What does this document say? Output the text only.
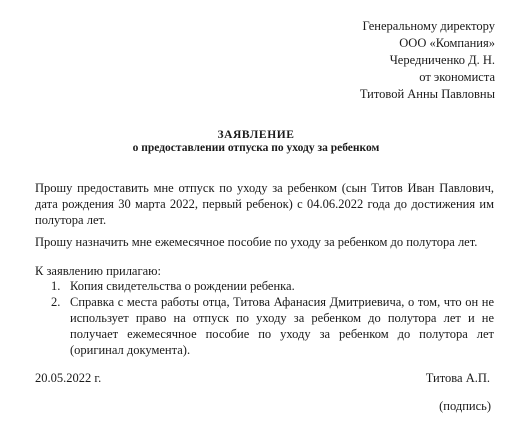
Генеральному директору
ООО «Компания»
Чередниченко Д. Н.
от экономиста
Титовой Анны Павловны
ЗАЯВЛЕНИЕ
о предоставлении отпуска по уходу за ребенком
Прошу предоставить мне отпуск по уходу за ребенком (сын Титов Иван Павлович, дата рождения 30 марта 2022, первый ребенок) с 04.06.2022 года до достижения им полутора лет.
Прошу назначить мне ежемесячное пособие по уходу за ребенком до полутора лет.
К заявлению прилагаю:
1. Копия свидетельства о рождении ребенка.
2. Справка с места работы отца, Титова Афанасия Дмитриевича, о том, что он не использует право на отпуск по уходу за ребенком до полутора лет и не получает ежемесячное пособие по уходу за ребенком до полутора лет (оригинал документа).
20.05.2022 г.	Титова А.П.
(подпись)
